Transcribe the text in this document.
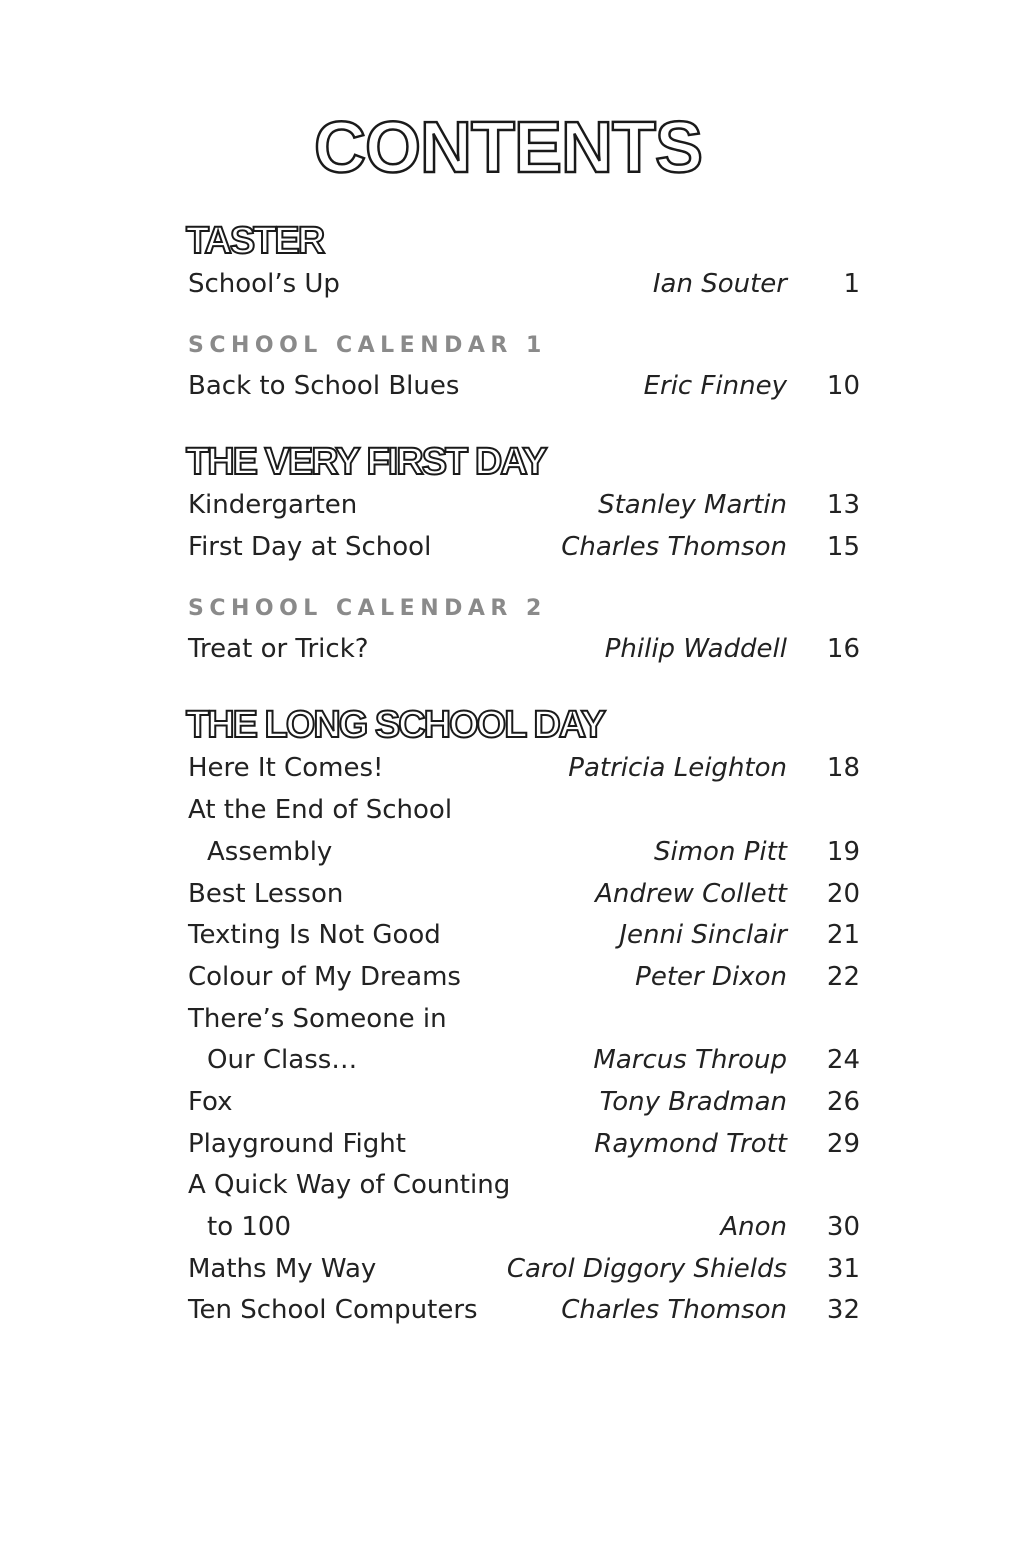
CONTENTS
TASTER
School’s Up	Ian Souter 1
SCHOOL CALENDAR 1
Back to School Blues	Eric Finney 10
THE VERY FIRST DAY
Kindergarten	Stanley Martin 13
First Day at School	Charles Thomson 15
SCHOOL CALENDAR 2
Treat or Trick?	Philip Waddell 16
THE LONG SCHOOL DAY
Here It Comes!	Patricia Leighton 18
At the End of School
Assembly	Simon Pitt 19
Best Lesson	Andrew Collett 20
Texting Is Not Good	Jenni Sinclair 21
Colour of My Dreams	Peter Dixon 22
There’s Someone in
Our Class…	Marcus Throup 24
Fox	Tony Bradman 26
Playground Fight	Raymond Trott 29
A Quick Way of Counting
to 100	Anon 30
Maths My Way	Carol Diggory Shields 31
Ten School Computers	Charles Thomson 32
